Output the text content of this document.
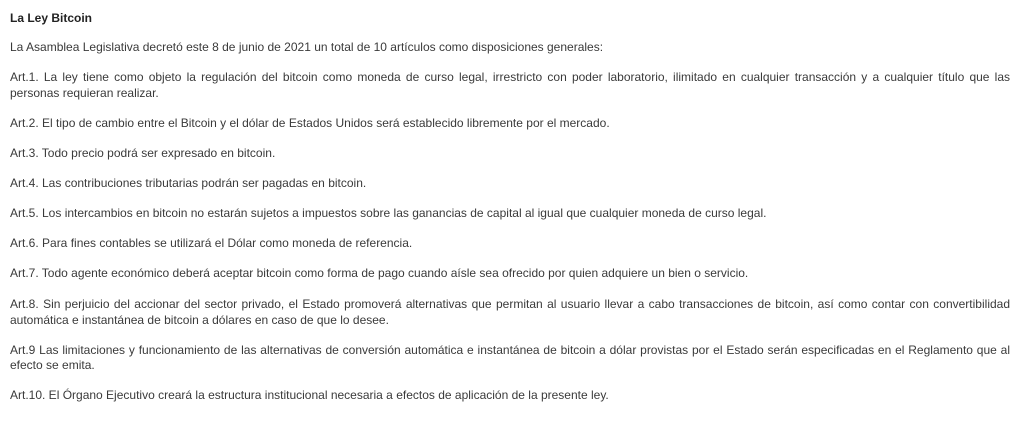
La Ley Bitcoin

La Asamblea Legislativa decretó este 8 de junio de 2021 un total de 10 artículos como disposiciones generales:

Art.1. La ley tiene como objeto la regulación del bitcoin como moneda de curso legal, irrestricto con poder laboratorio, ilimitado en cualquier transacción y a cualquier título que las personas requieran realizar.

Art.2. El tipo de cambio entre el Bitcoin y el dólar de Estados Unidos será establecido libremente por el mercado.

Art.3. Todo precio podrá ser expresado en bitcoin.

Art.4. Las contribuciones tributarias podrán ser pagadas en bitcoin.

Art.5. Los intercambios en bitcoin no estarán sujetos a impuestos sobre las ganancias de capital al igual que cualquier moneda de curso legal.

Art.6. Para fines contables se utilizará el Dólar como moneda de referencia.

Art.7. Todo agente económico deberá aceptar bitcoin como forma de pago cuando aísle sea ofrecido por quien adquiere un bien o servicio.

Art.8. Sin perjuicio del accionar del sector privado, el Estado promoverá alternativas que permitan al usuario llevar a cabo transacciones de bitcoin, así como contar con convertibilidad automática e instantánea de bitcoin a dólares en caso de que lo desee.

Art.9 Las limitaciones y funcionamiento de las alternativas de conversión automática e instantánea de bitcoin a dólar provistas por el Estado serán especificadas en el Reglamento que al efecto se emita.

Art.10. El Órgano Ejecutivo creará la estructura institucional necesaria a efectos de aplicación de la presente ley.
